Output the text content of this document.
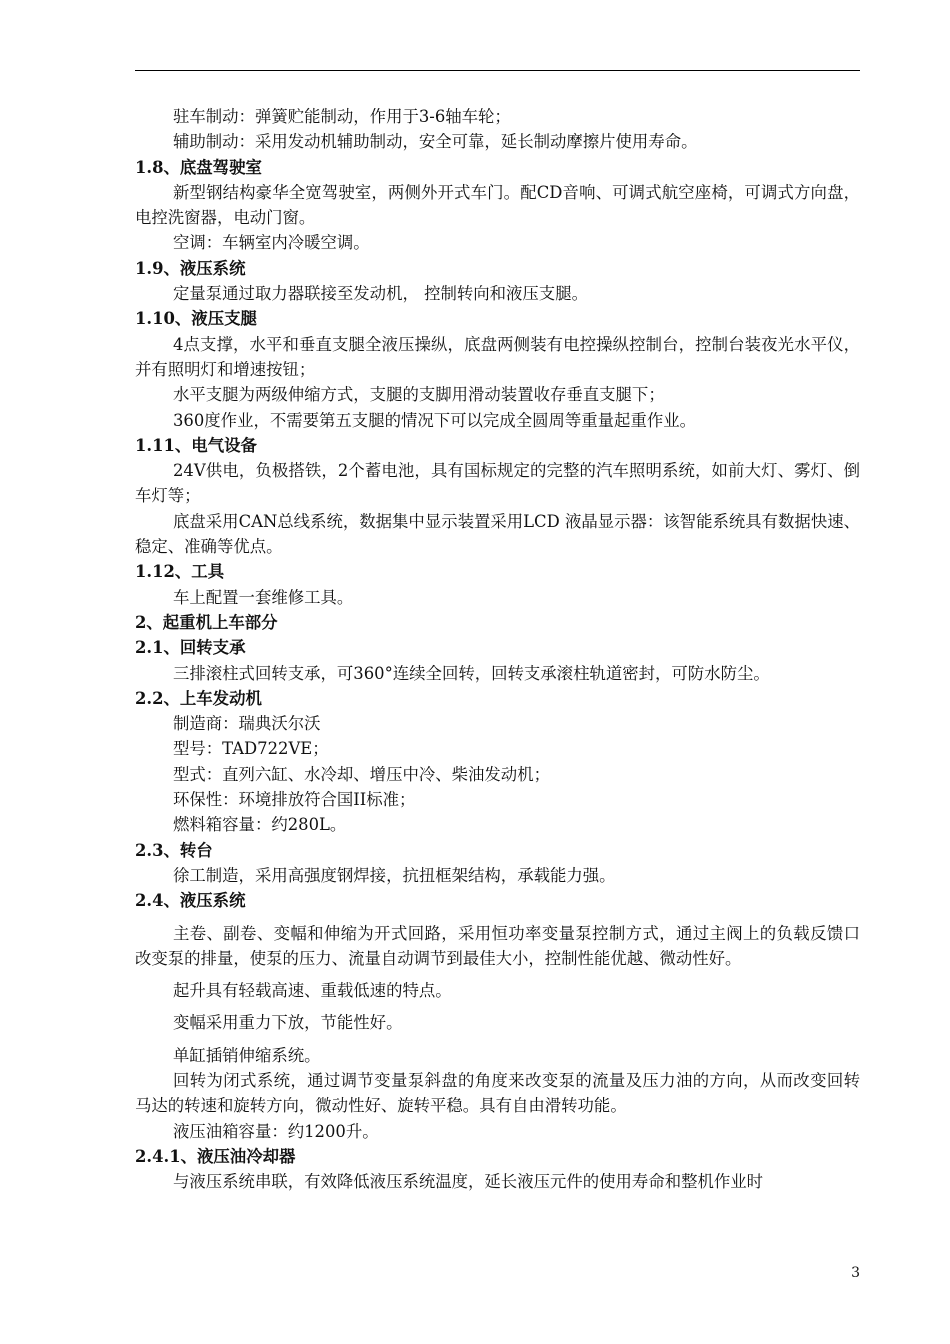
驻车制动：弹簧贮能制动，作用于3-6轴车轮；

辅助制动：采用发动机辅助制动，安全可靠，延长制动摩擦片使用寿命。

1.8、底盘驾驶室

新型钢结构豪华全宽驾驶室，两侧外开式车门。配CD音响、可调式航空座椅，可调式方向盘，电控洗窗器，电动门窗。

空调：车辆室内冷暖空调。

1.9、液压系统

定量泵通过取力器联接至发动机， 控制转向和液压支腿。

1.10、液压支腿

4点支撑，水平和垂直支腿全液压操纵，底盘两侧装有电控操纵控制台，控制台装夜光水平仪，并有照明灯和增速按钮；

水平支腿为两级伸缩方式，支腿的支脚用滑动装置收存垂直支腿下；

360度作业，不需要第五支腿的情况下可以完成全圆周等重量起重作业。

1.11、电气设备

24V供电，负极搭铁，2个蓄电池，具有国标规定的完整的汽车照明系统，如前大灯、雾灯、倒车灯等；

底盘采用CAN总线系统，数据集中显示装置采用LCD 液晶显示器：该智能系统具有数据快速、稳定、准确等优点。

1.12、工具

车上配置一套维修工具。

2、起重机上车部分

2.1、回转支承

三排滚柱式回转支承，可360°连续全回转，回转支承滚柱轨道密封，可防水防尘。

2.2、上车发动机

制造商：瑞典沃尔沃

型号：TAD722VE；

型式：直列六缸、水冷却、增压中冷、柴油发动机；

环保性：环境排放符合国II标准；

燃料箱容量：约280L。

2.3、转台

徐工制造，采用高强度钢焊接，抗扭框架结构，承载能力强。

2.4、液压系统

主卷、副卷、变幅和伸缩为开式回路，采用恒功率变量泵控制方式，通过主阀上的负载反馈口改变泵的排量，使泵的压力、流量自动调节到最佳大小，控制性能优越、微动性好。

起升具有轻载高速、重载低速的特点。

变幅采用重力下放，节能性好。

单缸插销伸缩系统。

回转为闭式系统，通过调节变量泵斜盘的角度来改变泵的流量及压力油的方向，从而改变回转马达的转速和旋转方向，微动性好、旋转平稳。具有自由滑转功能。

液压油箱容量：约1200升。

2.4.1、液压油冷却器

与液压系统串联，有效降低液压系统温度，延长液压元件的使用寿命和整机作业时

3
